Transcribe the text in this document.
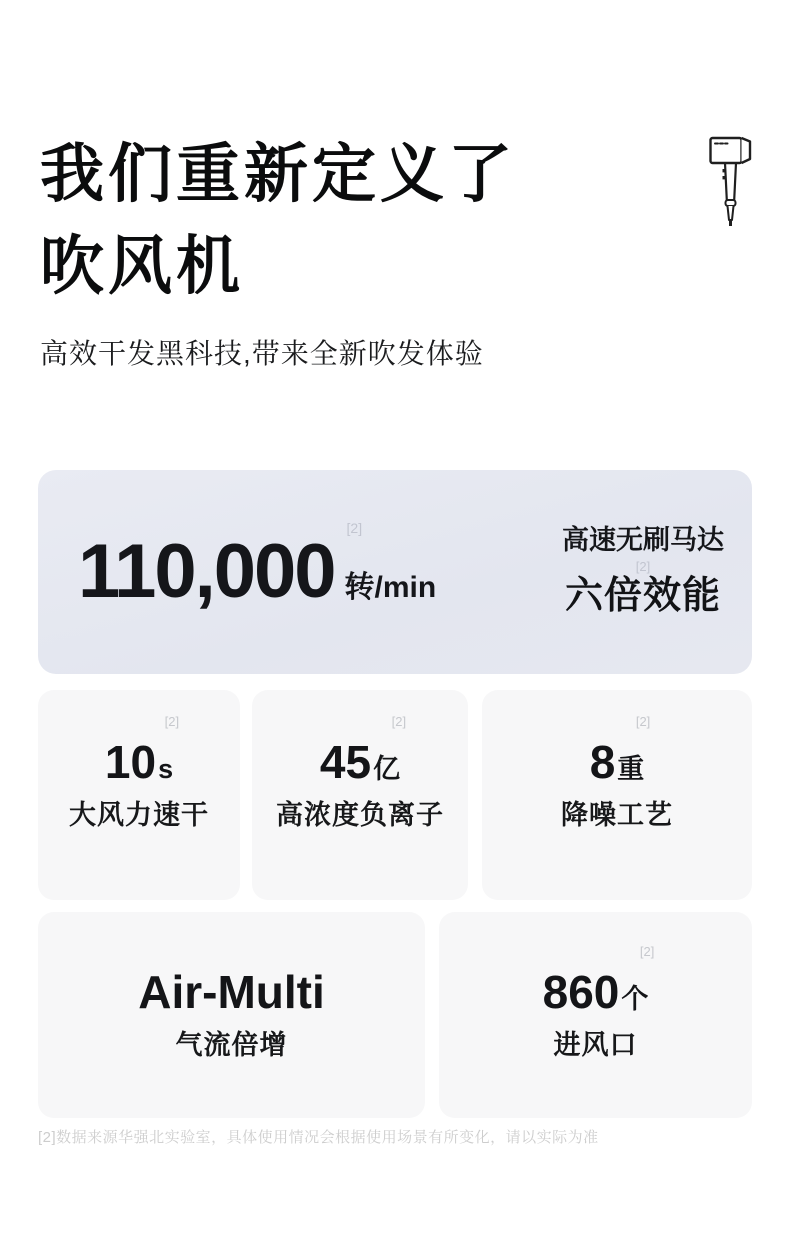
我们重新定义了
吹风机

高效干发黑科技,带来全新吹发体验

110,000
[2]
转/min
高速无刷马达
[2]
六倍效能
[2]
10 s
大风力速干
[2]
45 亿
高浓度负离子
[2]
8 重
降噪工艺
Air-Multi
气流倍增
[2]
860 个
进风口

[2]数据来源华强北实验室，具体使用情况会根据使用场景有所变化，请以实际为准
